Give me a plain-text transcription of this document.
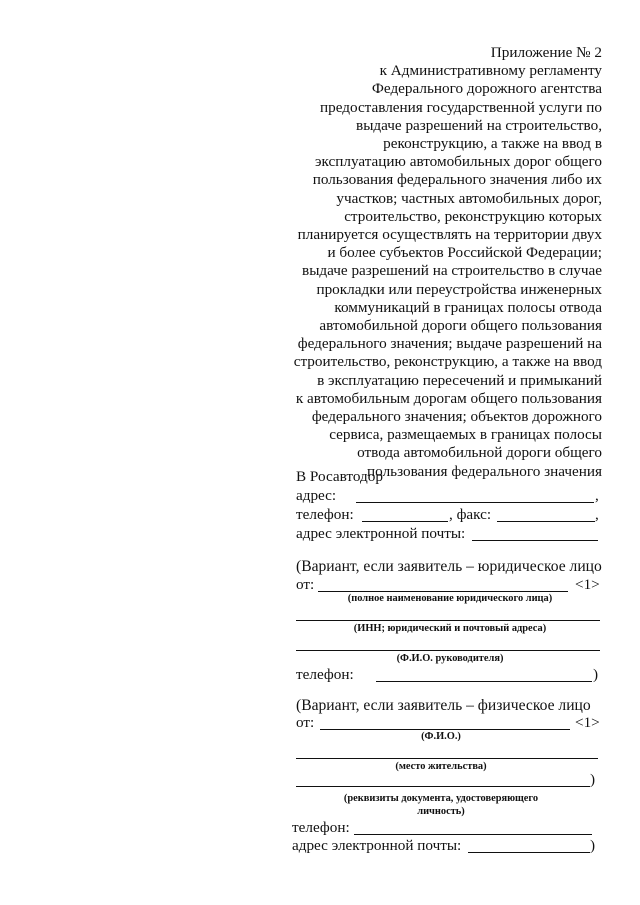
Приложение № 2
к Административному регламенту
Федерального дорожного агентства
предоставления государственной услуги по
выдаче разрешений на строительство,
реконструкцию, а также на ввод в
эксплуатацию автомобильных дорог общего
пользования федерального значения либо их
участков; частных автомобильных дорог,
строительство, реконструкцию которых
планируется осуществлять на территории двух
и более субъектов Российской Федерации;
выдаче разрешений на строительство в случае
прокладки или переустройства инженерных
коммуникаций в границах полосы отвода
автомобильной дороги общего пользования
федерального значения; выдаче разрешений на
строительство, реконструкцию, а также на ввод
в эксплуатацию пересечений и примыканий
к автомобильным дорогам общего пользования
федерального значения; объектов дорожного
сервиса, размещаемых в границах полосы
отвода автомобильной дороги общего
пользования федерального значения
В Росавтодор
адрес:	,
телефон:	, факс:	,
адрес электронной почты:
(Вариант, если заявитель – юридическое лицо
от:	<1>
(полное наименование юридического лица)
(ИНН; юридический и почтовый адреса)
(Ф.И.О. руководителя)
телефон:	)
(Вариант, если заявитель – физическое лицо
от:	<1>
(Ф.И.О.)
(место жительства)
)
(реквизиты документа, удостоверяющего
личность)
телефон:
адрес электронной почты:	)
